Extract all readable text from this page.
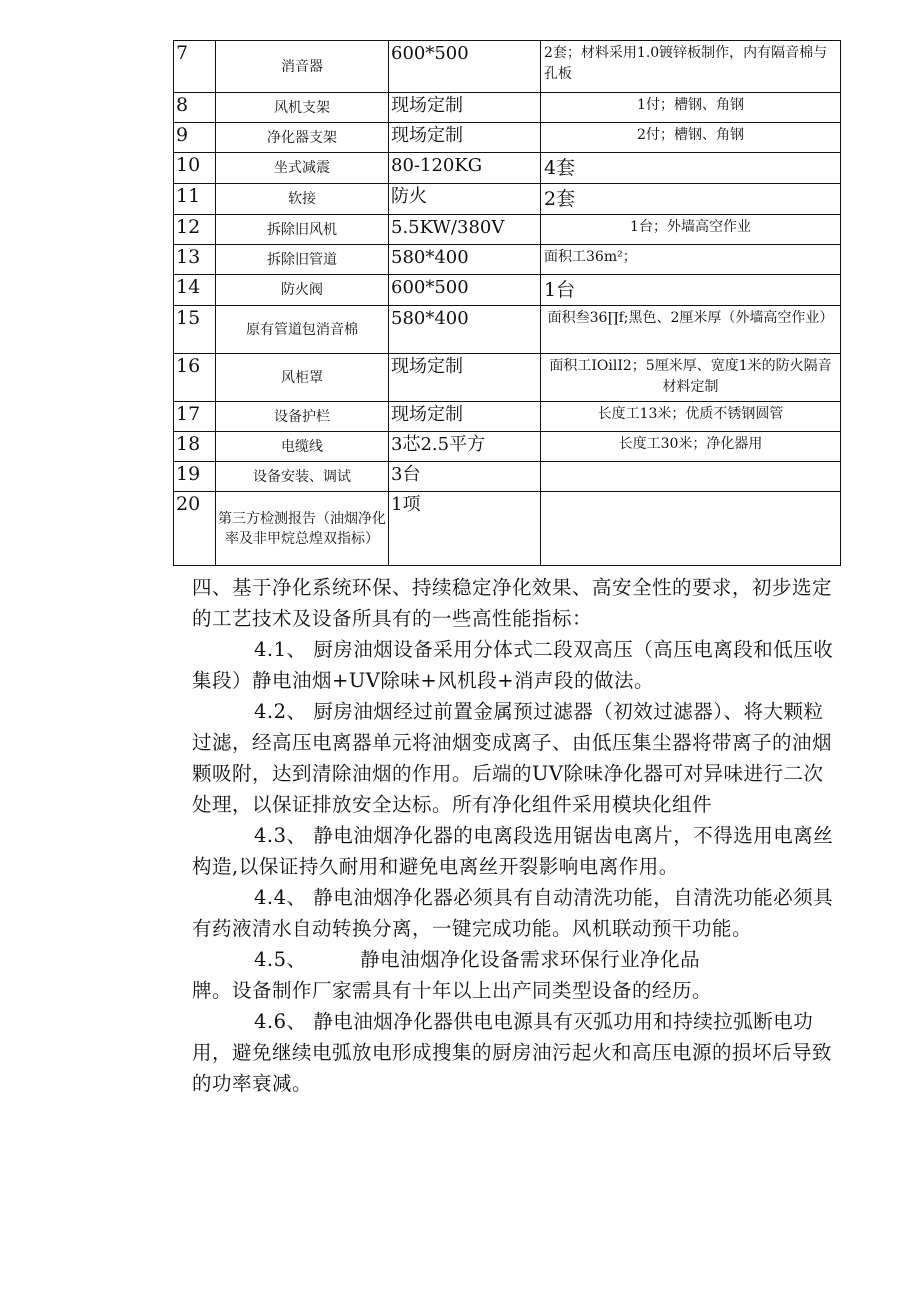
7	消音器	600*500	2套；材料采用1.0镀锌板制作，内有隔音棉与孔板
8	风机支架	现场定制	1付；槽钢、角钢
9	净化器支架	现场定制	2付；槽钢、角钢
10	坐式减震	80-120KG	4套
11	软接	防火	2套
12	拆除旧风机	5.5KW/380V	1台；外墙高空作业
13	拆除旧管道	580*400	面积工36m²；
14	防火阀	600*500	1台
15	原有管道包消音棉	580*400	面积叁36∏f;黑色、2厘米厚（外墙高空作业）
16	风柜罩	现场定制	面积工IOilI2；5厘米厚、宽度1米的防火隔音材料定制
17	设备护栏	现场定制	长度工13米；优质不锈钢圆管
18	电缆线	3芯2.5平方	长度工30米；净化器用
19	设备安装、调试	3台	
20	第三方检测报告（油烟净化率及非甲烷总煌双指标）	1项	

四、基于净化系统环保、持续稳定净化效果、高安全性的要求，初步选定的工艺技术及设备所具有的一些高性能指标：

4.1、 厨房油烟设备采用分体式二段双高压（高压电离段和低压收集段）静电油烟+UV除味+风机段+消声段的做法。

4.2、 厨房油烟经过前置金属预过滤器（初效过滤器）、将大颗粒过滤，经高压电离器单元将油烟变成离子、由低压集尘器将带离子的油烟颗吸附，达到清除油烟的作用。后端的UV除味净化器可对异味进行二次处理，以保证排放安全达标。所有净化组件采用模块化组件

4.3、 静电油烟净化器的电离段选用锯齿电离片，不得选用电离丝构造,以保证持久耐用和避免电离丝开裂影响电离作用。

4.4、 静电油烟净化器必须具有自动清洗功能，自清洗功能必须具有药液清水自动转换分离，一键完成功能。风机联动预干功能。

4.5、        静电油烟净化设备需求环保行业净化品

牌。设备制作厂家需具有十年以上出产同类型设备的经历。

4.6、 静电油烟净化器供电电源具有灭弧功用和持续拉弧断电功用，避免继续电弧放电形成搜集的厨房油污起火和高压电源的损坏后导致的功率衰减。
